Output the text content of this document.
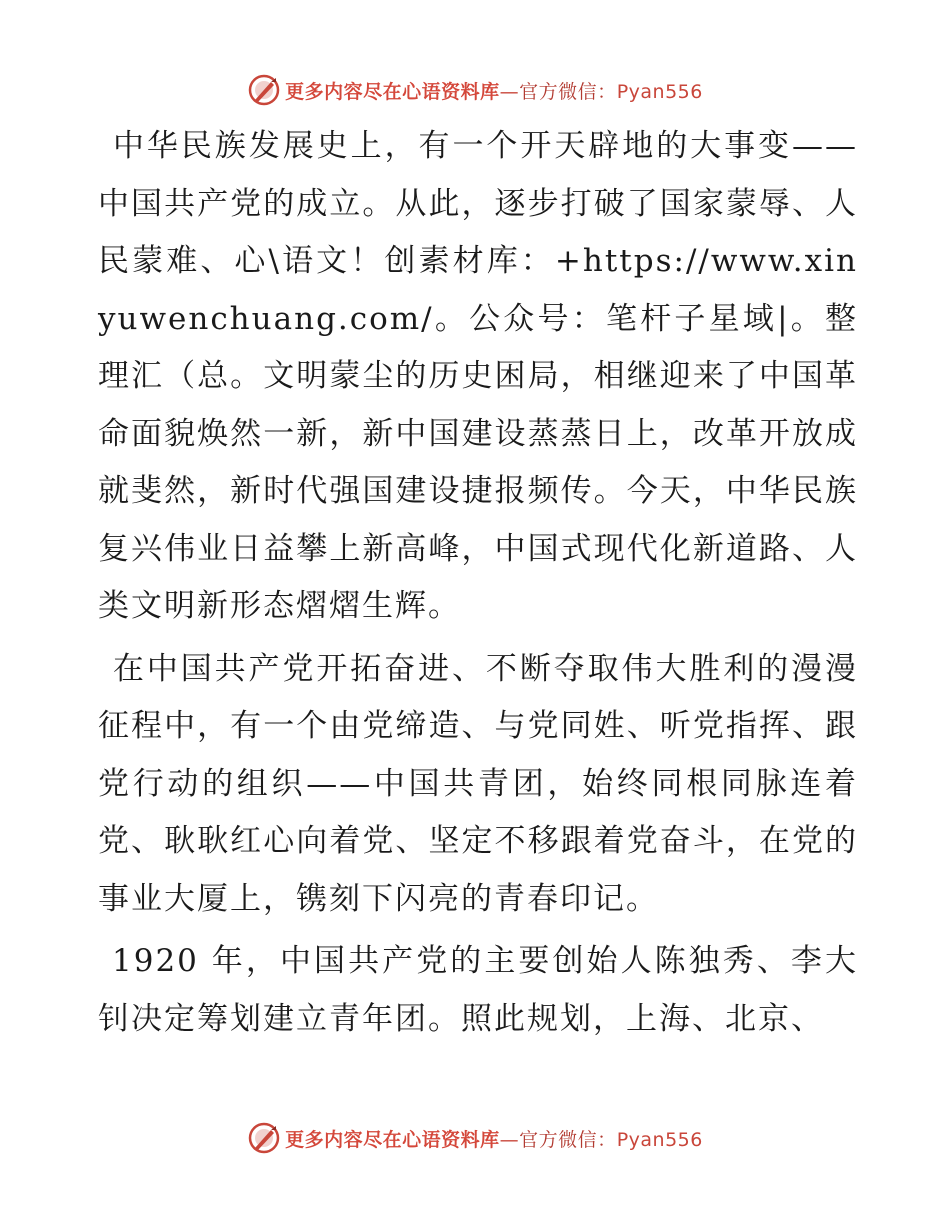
更多内容尽在心语资料库—官方微信：Pyan556

中华民族发展史上，有一个开天辟地的大事变——中国共产党的成立。从此，逐步打破了国家蒙辱、人民蒙难、心\语文！创素材库：+https://www.xinyuwenchuang.com/。公众号：笔杆子星域|。整理汇（总。文明蒙尘的历史困局，相继迎来了中国革命面貌焕然一新，新中国建设蒸蒸日上，改革开放成就斐然，新时代强国建设捷报频传。今天，中华民族复兴伟业日益攀上新高峰，中国式现代化新道路、人类文明新形态熠熠生辉。

在中国共产党开拓奋进、不断夺取伟大胜利的漫漫征程中，有一个由党缔造、与党同姓、听党指挥、跟党行动的组织——中国共青团，始终同根同脉连着党、耿耿红心向着党、坚定不移跟着党奋斗，在党的事业大厦上，镌刻下闪亮的青春印记。

1920 年，中国共产党的主要创始人陈独秀、李大钊决定筹划建立青年团。照此规划，上海、北京、

更多内容尽在心语资料库—官方微信：Pyan556
